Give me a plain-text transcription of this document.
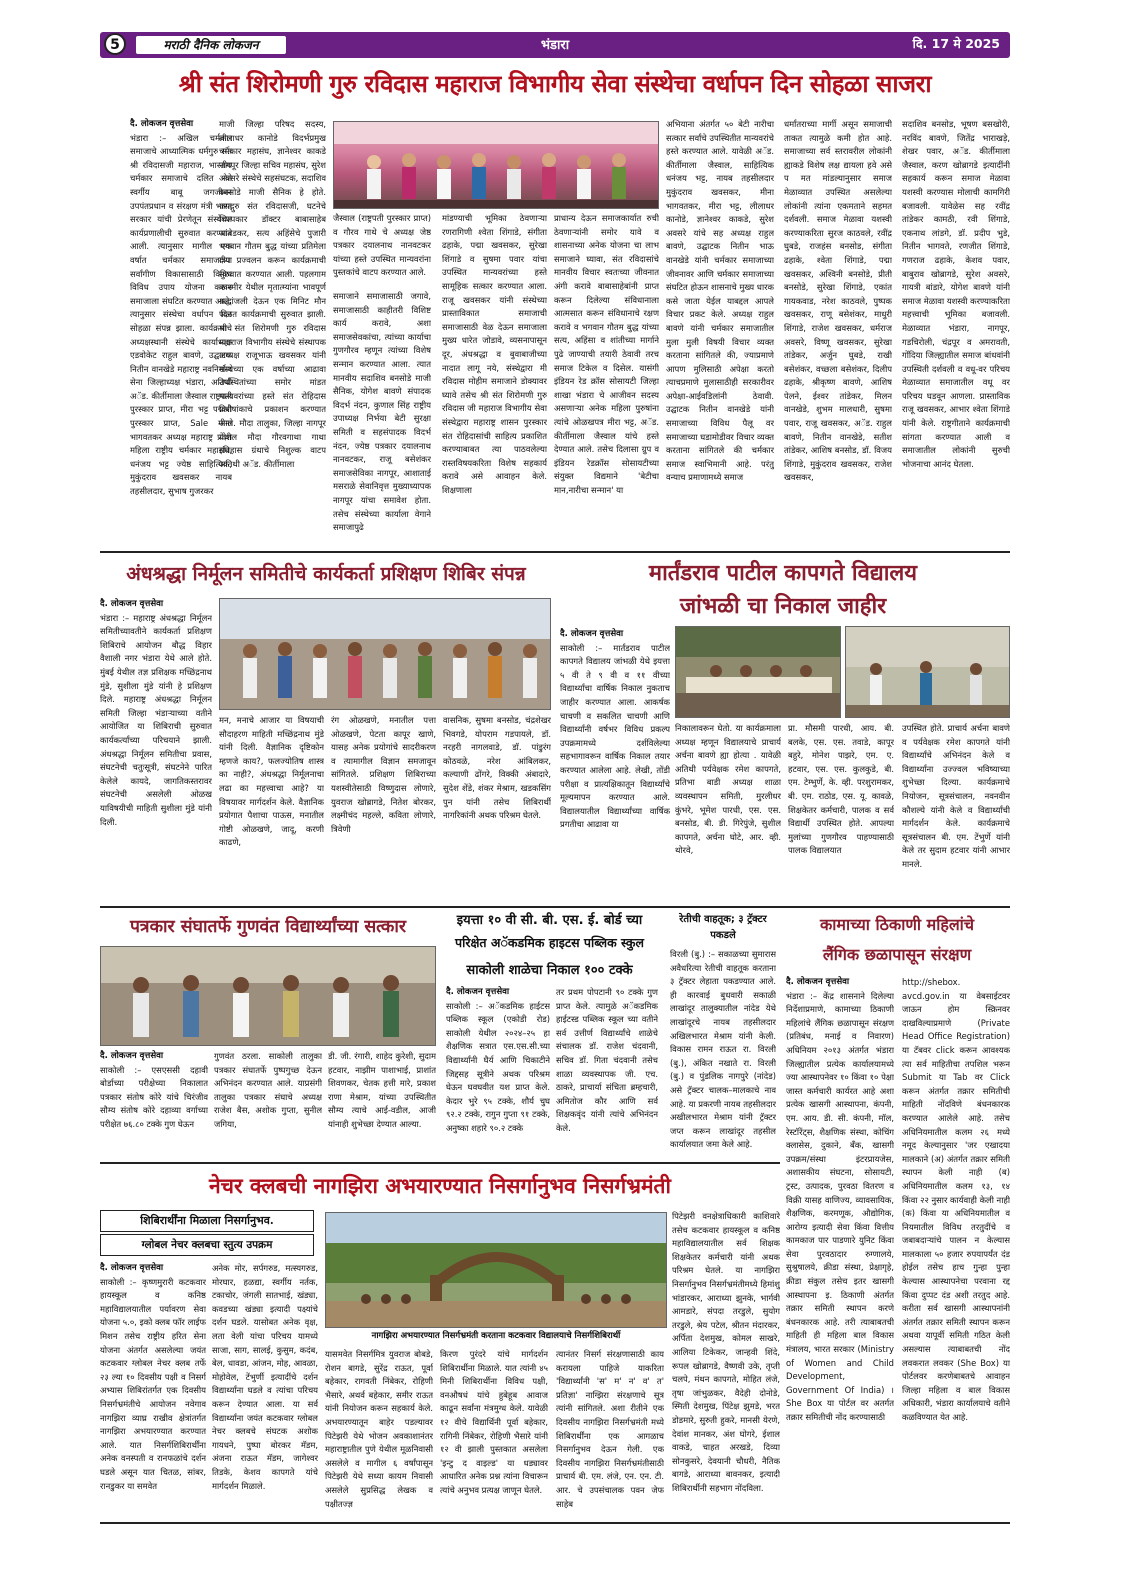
5	मराठी दैनिक लोकजन	भंडारा	दि. 17 मे 2025
श्री संत शिरोमणी गुरु रविदास महाराज विभागीय सेवा संस्थेचा वर्धापन दिन सोहळा साजरा
दै. लोकजन वृत्तसेवा
भंडारा :– अखिल चर्मकार समाजाचे आध्यात्मिक धर्मगुरु संत श्री रविदासजी महाराज, भारतीय चर्मकार समाजाचे दलित नेते स्वर्गीय बाबू जगजीवन उपपंतप्रधान व संरक्षण मंत्री भारत सरकार यांची प्रेरणेतून संस्थेच्या कार्यप्रणालीची सुरुवात करण्यात आली. त्यानुसार मागील एक वर्षात चर्मकार समाजाच्या सर्वांगीण विकासासाठी विविध विविध उपाय योजना करून समाजाला संघटित करण्यात आले. त्यानुसार संस्थेचा वर्धापन दिन सोहळा संपन्न झाला. कार्यक्रमाचे अध्यक्षस्थानी संस्थेचे कार्याध्यक्ष एडवोकेट राहुल बावणे, उद्घाटक नितीन वानखेडे महाराष्ट्र नवनिर्माण सेना जिल्हाध्यक्ष भंडारा, अतिथी अॅड. कीर्तीमाला जैस्वाल राष्ट्रपती पुरस्कार प्राप्त, मीरा भट्ट पद्मश्री पुरस्कार प्राप्त, Sale मीना भागवतकर अध्यक्ष महाराष्ट्र प्रदेश महिला राष्ट्रीय चर्मकार महासंघ, धनंजय भट्ट ज्येष्ठ साहित्यिक, मुकुंदराव खवसकर नायब तहसीलदार, सुभाष गुजरकर
माजी जिल्हा परिषद सदस्य, लीलाधर कानोडे विदर्भप्रमुख चर्मकार महासंघ, ज्ञानेश्वर काकडे नागपूर जिल्हा सचिव महासंघ, सुरेश अवसरे संस्थेचे सहसंघटक, सदाशिव बनसोडे माजी सैनिक हे होते. जगद्गुरु संत रविदासजी, घटनेचे शिल्पकार डॉक्टर बाबासाहेब आंबेडकर, सत्य अहिंसेचे पुजारी भगवान गौतम बुद्ध यांच्या प्रतिमेला दीप प्रज्वलन करून कार्यक्रमाची सुरुवात करण्यात आली. पहलगाम काश्मीर येथील मृतात्म्यांना भावपूर्ण श्रद्धांजली देऊन एक मिनिट मौन पाळत कार्यक्रमाची सुरुवात झाली. श्री संत शिरोमणी गुरु रविदास महाराज विभागीय संस्थेचे संस्थापक अध्यक्ष राजूभाऊ खवसकर यांनी संस्थेच्या एक वर्षाच्या आढावा उपस्थितांच्या समोर मांडत मान्यवरांच्या हस्ते संत रोहिदास विशेषांकाचे प्रकाशन करण्यात आले. मौदा तालुका, जिल्हा नागपूर येथील मौदा गौरवगाथा गाथा इतिहास ग्रंथाचे निशुल्क वाटप अतिथी अॅड. कीर्तीमाला
जैस्वाल (राष्ट्रपती पुरस्कार प्राप्त) व गौरव गाथे चे अध्यक्ष जेष्ठ पत्रकार दयालनाथ नानवटकर यांच्या हस्ते उपस्थित मान्यवरांना पुस्तकांचे वाटप करण्यात आले.
समाजाने समाजासाठी जगावे, समाजासाठी काहीतरी विशिष्ट कार्य करावे, अशा समाजसेवकांचा, त्यांच्या कार्याचा गुणगौरव म्हणून त्यांच्या विशेष सन्मान करण्यात आला. त्यात मानवीय सदाशिव बनसोडे माजी सैनिक, योगेश बावणे संपादक विदर्भ नंदन, कुणाल सिंह राष्ट्रीय उपाध्यक्ष निर्भया बेटी सुरक्षा समिती व सहसंपादक विदर्भ नंदन, ज्येष्ठ पत्रकार दयालनाथ नानवटकर, राजू बसेशंकर समाजसेविका नागपूर, आशाताई मसराळे सेवानिवृत्त मुख्याध्यापक नागपूर यांचा समावेश होता. तसेच संस्थेच्या कार्याला वेगाने समाजापुढे
मांडण्याची भूमिका ठेवणाऱ्या रणरागिणी श्वेता शिंगाडे, संगीता ढहाके, पद्मा खवसकर, सुरेखा शिंगाडे व सुषमा पवार यांचा उपस्थित मान्यवरांच्या हस्ते सामूहिक सत्कार करण्यात आला. राजू खवसकर यांनी संस्थेच्या प्रास्ताविकात समाजाची समाजासाठी वेळ देऊन समाजाला मुख्य धारेत जोडावे, व्यसनापासून दूर, अंधश्रद्धा व बुवाबाजीच्या नादात लागू नये, संस्थेद्वारा मी रविदास मोहीम समाजाने डोक्यावर घ्यावे तसेच श्री संत शिरोमणी गुरु रविदास जी महाराज विभागीय सेवा संस्थेद्वारा महाराष्ट्र शासन पुरस्कार संत रोहिदासांची साहित्य प्रकाशित करण्याबाबत त्या पाठवलेल्या रास्तविषयकरिता विशेष सहकार्य करावे असे आवाहन केले. शिक्षणाला
प्राधान्य देऊन समाजकार्यात रुची ठेवणाऱ्यांनी समोर यावे व शासनाच्या अनेक योजना चा लाभ समाजाने घ्यावा, संत रविदासांचे मानवीय विचार स्वतःच्या जीवनात अंगी करावे बाबासाहेबांनी प्राप्त करून दिलेल्या संविधानाला आत्मसात करून संविधानाचे रक्षण करावे व भगवान गौतम बुद्ध यांच्या सत्य, अहिंसा व शांतीच्या मार्गाने पुढे जाण्याची तयारी ठेवावी तरच समाज टिकेल व दिसेल. यासंगी इंडियन रेड क्रॉस सोसायटी जिल्हा शाखा भंडारा चे आजीवन सदस्य असणाऱ्या अनेक महिला पुरुषांना त्यांचे ओळखपत्र मीरा भट्ट, अॅड. कीर्तीमाला जैस्वाल यांचे हस्ते देण्यात आले. तसेच दिलासा ग्रुप व इंडियन रेडक्रॉस सोसायटीच्या संयुक्त विद्यमाने 'बेटीचा मान,नारीचा सन्मान' या
अभियाना अंतर्गत ५० बेटी नारीचा सत्कार सर्वांचे उपस्थितीत मान्यवरांचे हस्ते करण्यात आले. यावेळी अॅड. कीर्तीमाला जैस्वाल, साहित्यिक धनंजय भट्ट, नायब तहसीलदार मुकुंदराव खवसकर, मीना भागवतकर, मीरा भट्ट, लीलाधर कानोडे, ज्ञानेश्वर काकडे, सुरेश अवसरे यांचे सह अध्यक्ष राहुल बावणे, उद्घाटक नितीन भाऊ वानखेडे यांनी चर्मकार समाजाच्या जीवनावर आणि चर्मकार समाजाच्या संघटित होऊन शासनाचे मुख्य धारक कसे जाता येईल याबद्दल आपले विचार प्रकट केले. अध्यक्ष राहुल बावणे यांनी चर्मकार समाजातील मुला मुली विषयी विचार व्यक्त करताना सांगितले की, ज्याप्रमाणे आपण मुलिसाठी अपेक्षा करतो त्याचप्रमाणे मुलासाठीही सरकारीवर अपेक्षा-आईवडिलांनी ठेवावी. उद्घाटक नितीन वानखेडे यांनी समाजाच्या विविध पैलू वर समाजाच्या घडामोडीवर विचार व्यक्त करताना सांगितले की चर्मकार समाज स्वाभिमानी आहे. परंतु वन्याच प्रमाणामध्ये समाज
धर्मांतराच्या मार्गी असून समाजाची ताकत त्यामुळे कमी होत आहे. समाजाच्या सर्व स्तरावरील लोकांनी ह्याकडे विशेष लक्ष द्यायला हवे असे प मत मांडल्यानुसार समाज मेळाव्यात उपस्थित असलेल्या लोकांनी त्यांना एकमताने सहमत दर्शवली. समाज मेळावा यशस्वी करण्याकरिता सुरज काठवले, रवींद्र घुबडे, राजहंस बनसोड, संगीता ढहाके, श्वेता शिंगाडे, पद्मा खवसकर, अश्विनी बनसोडे, प्रीती बनसोडे, सुरेखा शिंगाडे, एकांत गायकवाड, नरेश काठवले, पुष्पक खवसकर, राणू बसेशंकर, माधुरी शिंगाडे, राजेश खवसकर, धर्मराज अवसरे, विष्णू खवसकर, सुरेखा तांडेकर, अर्जुन घुबडे, राखी बसेशंकर, वच्छला बसेशंकर, दिलीप ढहाके, श्रीकृष्ण बावणे, आशिष पेलने, ईश्वर तांडेकर, मिलन वानखेडे, शुभम मालधारी, सुषमा पवार, राजू खवसकर, अॅड. राहुल बावणे, नितीन वानखेडे, सतीश तांडेकर, आशिष बनसोड, डॉ. विजय शिंगाडे, मुकुंदराव खवसकर, राजेश खवसकर,
सदाशिव बनसोड, भूषण बसखोरी, नरविंद बावणे, जितेंद्र भाराखड़े, शेखर पवार, अॅड. कीर्तीमाला जैस्वाल, करण खोब्रागडे इत्यादींनी सहकार्य करून समाज मेळावा यशस्वी करण्यास मोलाची कामगिरी बजावली. यावेळेस सह रवींद्र तांडेकर कामठी, रवी शिंगाडे, एकनाथ लांडगे, डॉ. प्रदीप भुडे, नितीन भागवते, रणजीत शिंगाडे, गणराज ढहाके, केशव पवार, बाबुराव खोब्रागडे, सुरेश अवसरे, गायत्री बांडारे, योगेश बावणे यांनी समाज मेळावा यशस्वी करण्याकरिता महत्त्वाची भूमिका बजावली. मेळाव्यात भंडारा, नागपूर, गडचिरोली, चंद्रपूर व अमरावती, गोंदिया जिल्ह्यातील समाज बांधवांनी उपस्थिती दर्शवली व वधू-वर परिचय मेळाव्यात समाजातील वधू वर परिचय घडवून आणला. प्रास्ताविक राजू खवसकर, आभार श्वेता शिंगाडे यांनी केले. राष्ट्रगीताने कार्यक्रमाची सांगता करण्यात आली व समाजातील लोकांनी सुरुची भोजनाचा आनंद घेतला.
अंधश्रद्धा निर्मूलन समितीचे कार्यकर्ता प्रशिक्षण शिबिर संपन्न
दै. लोकजन वृत्तसेवा
भंडारा :– महाराष्ट्र अंधश्रद्धा निर्मूलन समितीच्यावतीने कार्यकर्ता प्रशिक्षण शिबिराचे आयोजन बौद्ध विहार वैशाली नगर भंडारा येथे आले होते. मुंबई येथील तज्ञ प्रशिक्षक मच्छिंद्रनाथ मुंडे, सुशीला मुंडे यांनी हे प्रशिक्षण दिले. महाराष्ट्र अंधश्रद्धा निर्मूलन समिती जिल्हा भंडाऱ्याच्या वतीने आयोजित या शिबिराची सुरुवात कार्यकर्त्यांच्या परिचयाने झाली. अंधश्रद्धा निर्मूलन समितीचा प्रवास, संघटनेची चतुःसूत्री, संघटनेने पारित केलेले कायदे, जागतिकस्तरावर संघटनेची असलेली ओळख याविषयीची माहिती सुशीला मुंडे यांनी दिली.
मन, मनाचे आजार या विषयाची सौदाहरण माहिती मच्छिंद्रनाथ मुंडे यांनी दिली. वैज्ञानिक दृष्टिकोन म्हणजे काय?, फलज्योतिष शास्त्र का नाही?, अंधश्रद्धा निर्मूलनाचा लढा का महत्त्वाचा आहे? या विषयावर मार्गदर्शन केले. वैज्ञानिक प्रयोगात पैशाचा पाऊस, मनातील गोष्टी ओळखणे, जादू, करणी काढणे,
रंग ओळखणे, मनातील पत्ता ओळखणे, पेटता कापूर खाणे, यासह अनेक प्रयोगांचे सादरीकरण व त्यामागील विज्ञान समजावून सांगितले. प्रशिक्षण शिबिराच्या यशस्वीतेसाठी विष्णुदास लोणारे, युवराज खोब्रागडे, नितेश बोरकर, लक्ष्मीचंद महल्ले, कविता लोणारे, त्रिवेणी
वासनिक, सुषमा बनसोड, चंद्रशेखर भिवगडे, योपराम गडपायले, डॉ. नरहरी नागलवाडे, डॉ. पांडुरंग कोठवळे, नरेश आंबिलकर, कल्याणी ढोंगरे, विक्की अंबादारे, सुदेश शेंडे, शंकर मेश्राम, खडकसिंग पुन यांनी तसेच शिबिरार्थी नागरिकांनी अथक परिश्रम घेतले.
मार्तंडराव पाटील कापगते विद्यालय
जांभळी चा निकाल जाहीर
दै. लोकजन वृत्तसेवा
साकोली :– मार्तंडराव पाटील कापगते विद्यालय जांभळी येथे इयत्ता ५ वी ते ९ वी व ११ वीच्या विद्यार्थ्यांचा वार्षिक निकाल नुकताच जाहीर करण्यात आला. आकर्षक चाचणी व सकलित चाचणी आणि विद्यार्थ्यांनी वर्षभर विविध प्रकल्प उपक्रमामध्ये दर्शविलेल्या सहभागावरून वार्षिक निकाल तयार करण्यात आलेला आहे. लेखी, तोंडी परीक्षा व प्रात्यक्षिकातून विद्यार्थ्यांचे मूल्यमापन करण्यात आले. विद्यालयातील विद्यार्थ्यांच्या वार्षिक प्रगतीचा आढावा या
निकालावरून घेतो. या कार्यक्रमाला अध्यक्ष म्हणून विद्यालयाचे प्राचार्य अर्चना बावणे ह्या होत्या . यावेळी अतिथी पर्यवेक्षक रमेश कापगते, प्रतिभा बाडी अध्यक्ष शाळा व्यवस्थापन समिती, मुरलीधर कुंभरे, भूमेश पारधी, एस. एस. बनसोड, बी. डी. गिरेपुंजे, सुशील कापगते, अर्चना घोटे, आर. व्ही. थोरवे,
प्रा. मौसमी पारधी, आय. बी. बलके, एस. एस. तवाडे, कापूर बहुरे, मोनेश पाझरे, एम. ए. हटवार, एस. एस. कुलकुडे, बी. एम. टेम्भुर्णे, के. व्ही. परशुरामकर, बी. एम. राठोड, एस. यू. कावळे, शिक्षकेतर कर्मचारी, पालक व सर्व विद्यार्थी उपस्थित होते. आपल्या मुलांच्या गुणगौरव पाहण्यासाठी पालक विद्यालयात
उपस्थित होते. प्राचार्य अर्चना बावणे व पर्यवेक्षक रमेश कापगते यांनी विद्यार्थ्यांचे अभिनंदन केले व विद्यार्थ्यांना उज्ज्वल भविष्याच्या शुभेच्छा दिल्या. कार्यक्रमाचे नियोजन, सूत्रसंचालन, नवनवीन कौशल्ये यांनी केले व विद्यार्थ्यांची मार्गदर्शन केले. कार्यक्रमाचे सूत्रसंचालन बी. एम. टेंभुर्णे यांनी केले तर सुदाम हटवार यांनी आभार मानले.
पत्रकार संघातर्फे गुणवंत विद्यार्थ्यांच्या सत्कार
दै. लोकजन वृत्तसेवा
साकोली :– एसएससी दहावी बोर्डाच्या परीक्षेच्या निकालात पत्रकार संतोष कोरे यांचे चिरंजीव सौम्य संतोष कोरे दहाव्या वर्गाच्या परीक्षेत ७६.८० टक्के गुण घेऊन
गुणवंत ठरला. साकोली तालुका पत्रकार संघातर्फे पुष्पगुच्छ देऊन अभिनंदन करण्यात आले. याप्रसंगी तालुका पत्रकार संघाचे अध्यक्ष राजेश बैस, अशोक गुप्ता, सुनील जगिया,
डी. जी. रंगारी, शाहेद कुरेशी, सुदाम हटवार, नाझीम पाशाभाई, प्राशांत शिवणकर, चेतक हत्ती मारे, प्रकाश राणा मेश्राम, यांच्या उपस्थितीत सौम्य त्याचे आई-वडील, आजी यांनाही शुभेच्छा देण्यात आल्या.
इयत्ता १० वी सी. बी. एस. ई. बोर्ड च्या
परिक्षेत अॅकडमिक हाइटस पब्लिक स्कुल
साकोली शाळेचा निकाल १०० टक्के
दै. लोकजन वृत्तसेवा
साकोली :– अॅकडमिक हाईटस पब्लिक स्कूल (एकोडी रोड) साकोली येथील २०२४–२५ हा शैक्षणिक सत्रात एस.एस.सी.च्या विद्यार्थ्यांनी घैर्य आणि चिकाटीने जिद्दसह सूत्रीने अथक परिश्रम घेऊन घवघवीत यश प्राप्त केले. केदार भुरे ९५ टक्के, शौर्य चुघ ९२.२ टक्के, रागुन गुप्ता ९१ टक्के, अनुष्का शहारे ९०.२ टक्के
तर प्रथम पोपटानी ९० टक्के गुण प्राप्त केले. त्यामुळे अॅकडमिक हाईटस्ड पब्लिक स्कूल च्या वतीने सर्व उत्तीर्ण विद्यार्थ्यांचे शाळेचे संचालक डॉ. राजेश चंदवानी, सचिव डॉ. गिता चंदवानी तसेच शाळा व्यवस्थापक जी. एच. ठाकरे, प्राचार्या संचिता ब्रम्हचारी, अमितोज कौर आणि सर्व शिक्षकवृंद यांनी त्यांचे अभिनंदन केले.
रेतीची वाहतूक; ३ ट्रॅक्टर पकडले
विरली (बु.) :– सकाळच्या सुमारास अवैधरित्या रेतीची वाहतूक करताना ३ ट्रॅक्टर लेहाता पकडण्यात आले. ही कारवाई बुधवारी सकाळी लाखांदूर तालुक्यातील नांदेड येथे लाखांदूरचे नायब तहसीलदार अखिलभारत मेश्राम यांनी केली. विकास रामन राऊत रा. विरली (बु.), अंकित नखाते रा. विरली (बु.) व पुंडलिक नागपुरे (नांदेड) असे ट्रॅक्टर चालक–मालकाचे नाव आहे. या प्रकरणी नायब तहसीलदार अखीलभारत मेश्राम यांनी ट्रॅक्टर जप्त करून लाखांदूर तहसील कार्यालयात जमा केले आहे.
कामाच्या ठिकाणी महिलांचे
लैंगिक छळापासून संरक्षण
दै. लोकजन वृत्तसेवा
भंडारा :– केंद्र शासनाने दिलेल्या निर्देशाप्रमाणे, कामाच्या ठिकाणी महिलांचे लैंगिक छळापासून संरक्षण (प्रतिबंध, मनाई व निवारण) अधिनियम २०१३ अंतर्गत भंडारा जिल्ह्यातील प्रत्येक कार्यालयामध्ये ज्या आस्थापनेवर १० किंवा १० पेक्षा जास्त कर्मचारी कार्यरत आहे अशा प्रत्येक खासगी आस्थापना, कंपनी, एम. आय. डी. सी. कंपनी, मॉल, रेस्टॉरेंट्स, शैक्षणिक संस्था, कोचिंग क्लासेस, दुकाने, बँक, खासगी उपक्रम/संस्था इंटरप्रायजेस, अशासकीय संघटना, सोसायटी, ट्रस्ट, उत्पादक, पुरवठा वितरण व विक्री यासह वाणिज्य, व्यावसायिक, शैक्षणिक, करमणूक, औद्योगिक, आरोग्य इत्यादी सेवा किंवा वित्तीय कामकाज पार पाडणारे युनिट किंवा सेवा पुरवठादार रुग्णालये, सुश्रुषालये, क्रीडा संस्था, प्रेक्षागृहे, क्रीडा संकुल तसेच इतर खासगी आस्थापना इ. ठिकाणी अंतर्गत तक्रार समिती स्थापन करणे बंधनकारक आहे. तरी त्याबाबतची माहिती ही महिला बाल विकास मंत्रालय, भारत सरकार (Ministry of Women and Child Development, Government Of India) । She Box या पोर्टल वर अतर्गत तक्रार समितीची नोंद करण्यासाठी
http://shebox. avcd.gov.in या वेबसाईटवर जाऊन होम स्क्रिनवर दाखविल्याप्रमाणे (Private Head Office Registration) या टॅबवर click करून आवश्यक त्या सर्व माहितीचा तपशिल भरून Submit या Tab वर Click करून अंतर्गत तक्रार समितीची माहिती नोंदविणे बंधनकारक करण्यात आलेले आहे. तसेच अधिनियमातील कलम २६ मध्ये नमूद केल्यानुसार 'जर एखादया मालकाने (अ) अंतर्गत तक्रार समिती स्थापन केली नाही (ब) अधिनियमातील कलम १३, १४ किंवा २२ नुसार कार्यवाही केली नाही (क) किंवा या अधिनियमातील व नियमातील विविध तरतुदींचे व जबाबदाऱ्यांचे पालन न केल्यास मालकाला ५० हजार रुपयापर्यंत दंड होईल तसेच हाच गुन्हा पुन्हा केल्यास आस्थापनेचा परवाना रद्द किंवा दुप्पट दंड अशी तरतुद आहे. करीता सर्व खासगी आस्थापनांनी अंतर्गत तक्रार समिती स्थापन करून अथवा यापूर्वी समिती गठित केली असल्यास त्याबाबतची नोंद लवकरात लवकर (She Box) या पोर्टलवर करणेबाबतचे आवाहन जिल्हा महिला व बाल विकास अधिकारी, भंडारा कार्यालयाचे वतीने कळविण्यात येत आहे.
नेचर क्लबची नागझिरा अभयारण्यात निसर्गानुभव निसर्गभ्रमंती
शिबिरार्थींना मिळाला निसर्गानुभव.
ग्लोबल नेचर क्लबचा स्तुत्य उपक्रम
दै. लोकजन वृत्तसेवा
साकोली :– कृष्णमुरारी कटकवार हायस्कूल व कनिष्ठ महाविद्यालयातील पर्यावरण सेवा योजना ५.०, इको क्लब फॉर लाईफ मिशन तसेच राष्ट्रीय हरित सेना योजना अंतर्गत असलेल्या जयंत कटकवार ग्लोबल नेचर क्लब तर्फे २३ ल्या १० दिवसीय पक्षी व निसर्ग अभ्यास शिबिरांतर्गत एक दिवसीय निसर्गभ्रमंतीचे आयोजन नवेगाव नागझिरा व्याघ्र राखीव क्षेत्रांतर्गत नागझिरा अभयारण्यात करण्यात आले. यात निसर्गशिबिरार्थींना अनेक वनस्पती व रानफळांचे दर्शन घडले असून यात चितळ, सांबर, रानडुकर या समवेत
अनेक मोर, सर्पगरुड, मत्स्यगरुड, मोरघार, हळद्या, स्वर्गीय नर्तक, टकाचोर, जंगली सातभाई, खंड्या, कवडच्या खंड्या इत्यादी पक्ष्यांचे दर्शन घडले. यासोबत अनेक वृक्ष, लता वेली यांचा परिचय यामध्ये साजा, साग, सालई, कुसुम, कदंब, बेल, धावडा, आंजन, मोह, आवळा, मोहोवेल, टेंभुर्णी इत्यादींचे दर्शन विद्यार्थ्यांना घडले व त्यांचा परिचय करून देण्यात आला. या सर्व विद्यार्थ्यांना जयंत कटकवार ग्लोबल नेचर क्लबचे संघटक अशोक गायधने, पुष्पा बोरकर मॅडम, अंजना राऊत मॅडम, जागेश्वर तिडके, केशव कापगते यांचे मार्गदर्शन मिळाले.
नागझिरा अभयारण्यात निसर्गभ्रमंती करताना कटकवार विद्यालयाचे निसर्गशिबिरार्थी
यासमवेत निसर्गमित्र युवराज बोबडे, रोशन बागडे, सुरेंद्र राऊत, पूर्वा बहेकार, रागवती निंबेकर, रोहिणी भैसारे, अथर्व बहेकार, समीर राऊत यांनी नियोजन करून सहकार्य केले. अभयारण्यातून बाहेर पडल्यावर पिटेझरी येथे भोजन अवकाशानंतर महाराष्ट्रातील पुणे येथील मूळनिवासी असलेले व मागील ६ वर्षांपासून पिटेझरी येथे सध्या कायम निवासी असलेले सुप्रसिद्ध लेखक व पक्षीतज्ज्ञ
किरण पुरंदरे यांचे मार्गदर्शन शिबिरार्थीना मिळाले. यात त्यांनी ४५ मिनी शिबिरार्थीना विविध पक्षी, वनऔषधं यांचे हुबेहूब आवाज काढून सर्वांना मंत्रमुग्ध केले. यावेळी १२ वीचे विद्यार्थिनी पूर्वा बहेकार, रागिनी निंबेकर, रोहिणी भैसारे यांनी १२ वी झाली पुस्तकात असलेला 'इन्टु द वाइल्ड' या धड्यावर आधारित अनेक प्रश्न त्यांना विचारून त्यांचे अनुभव प्रत्यक्ष जाणून घेतले.
त्यानंतर निसर्ग संरक्षणासाठी काय करायला पाहिजे याकरिता 'विद्यार्थ्यांनी 'स' म' न' व' त' प्रतिज्ञा' नाग्झिरा संरक्षणाचे सूत्र त्यांनी सांगितले. अशा रीतीने एक दिवसीय नागझिरा निसर्गभ्रमंती मध्ये शिबिरार्थींना एक आगळाच निसर्गानुभव देऊन गेली. एक दिवसीय नागझिरा निसर्गभ्रमंतीसाठी प्राचार्य बी. एम. लंजे, एन. एन. टी. आर. चे उपसंचालक पवन जेफ साहेब
पिटेझरी वनक्षेत्राधिकारी काशिवारे तसेच कटकवार हायस्कूल व कनिष्ठ महाविद्यालयातील सर्व शिक्षक शिक्षकेतर कर्मचारी यांनी अथक परिश्रम घेतले. या नागझिरा निसर्गानुभव निसर्गभ्रमंतीमध्ये हिमांशु भांडारकर, आराध्या झुनके, भार्गवी आमडारे, संपदा तरडुले, सुयोग तरडुले, श्रेय पटेल, श्रीतन मंदारकर, अर्पिता देशमुख, कोमल साखरे, आलिया टिकेकर, जान्हवी शिंदे, रूपल खोब्रागडे, वैष्णवी उके, तृप्ती चलपे, मंथन कापगते, मोहित लंजे, तृषा जांभुळकर, वैदेही दोनोडे, स्मिती देशमुख, पिंटेक्ष झुमडे, भरत डोडमारे, सुरुती हुकरे, मानसी येरणे, देवांश मानकर, अंश घोगरे, ईशाल वाकडे, चाहत अरखडे, दिव्या सोनकुसरे, देवयानी चौधरी, नैतिक बागडे, आराध्या बावनकर, इत्यादी शिबिरार्थीनी सहभाग नोंदविला.
